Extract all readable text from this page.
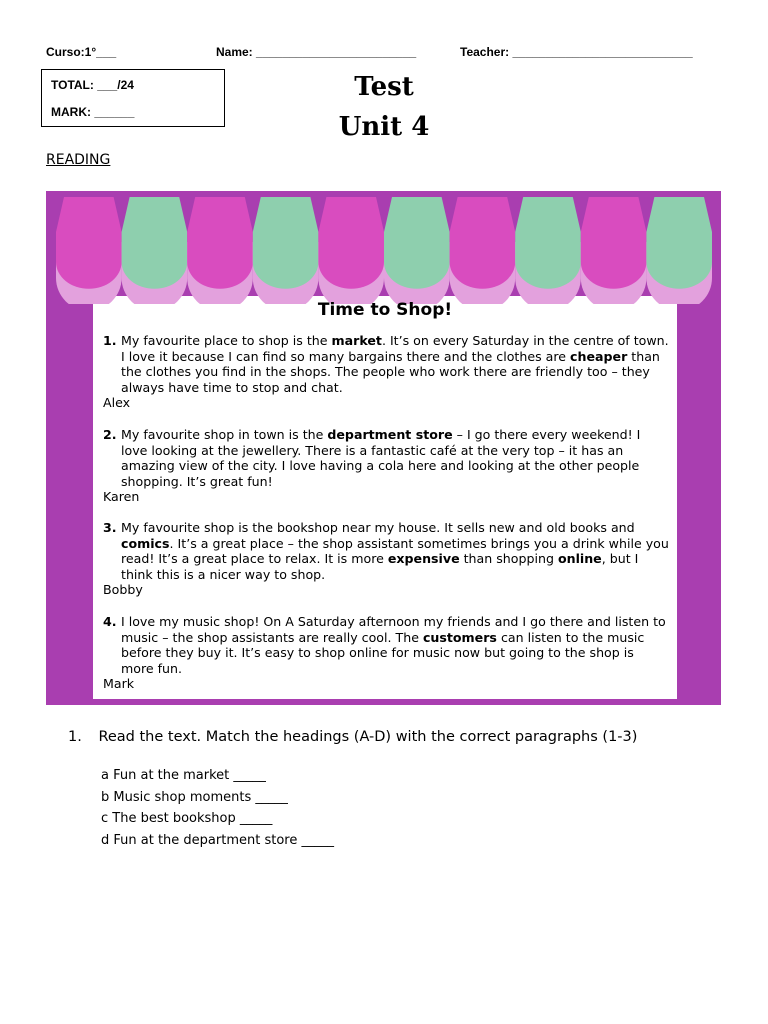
Curso:1°___	Name: ________________________	Teacher: ___________________________
TOTAL: ___/24
MARK: ______
Test
Unit 4
READING
Time to Shop!
1. My favourite place to shop is the market. It’s on every Saturday in the centre of town. I love it because I can find so many bargains there and the clothes are cheaper than the clothes you find in the shops. The people who work there are friendly too – they always have time to stop and chat.
Alex
2. My favourite shop in town is the department store – I go there every weekend! I love looking at the jewellery. There is a fantastic café at the very top – it has an amazing view of the city. I love having a cola here and looking at the other people shopping. It’s great fun!
Karen
3. My favourite shop is the bookshop near my house. It sells new and old books and comics. It’s a great place – the shop assistant sometimes brings you a drink while you read! It’s a great place to relax. It is more expensive than shopping online, but I think this is a nicer way to shop.
Bobby
4. I love my music shop! On A Saturday afternoon my friends and I go there and listen to music – the shop assistants are really cool. The customers can listen to the music before they buy it. It’s easy to shop online for music now but going to the shop is more fun.
Mark
1. Read the text. Match the headings (A-D) with the correct paragraphs (1-3)
a Fun at the market _____
b Music shop moments _____
c The best bookshop _____
d Fun at the department store _____
